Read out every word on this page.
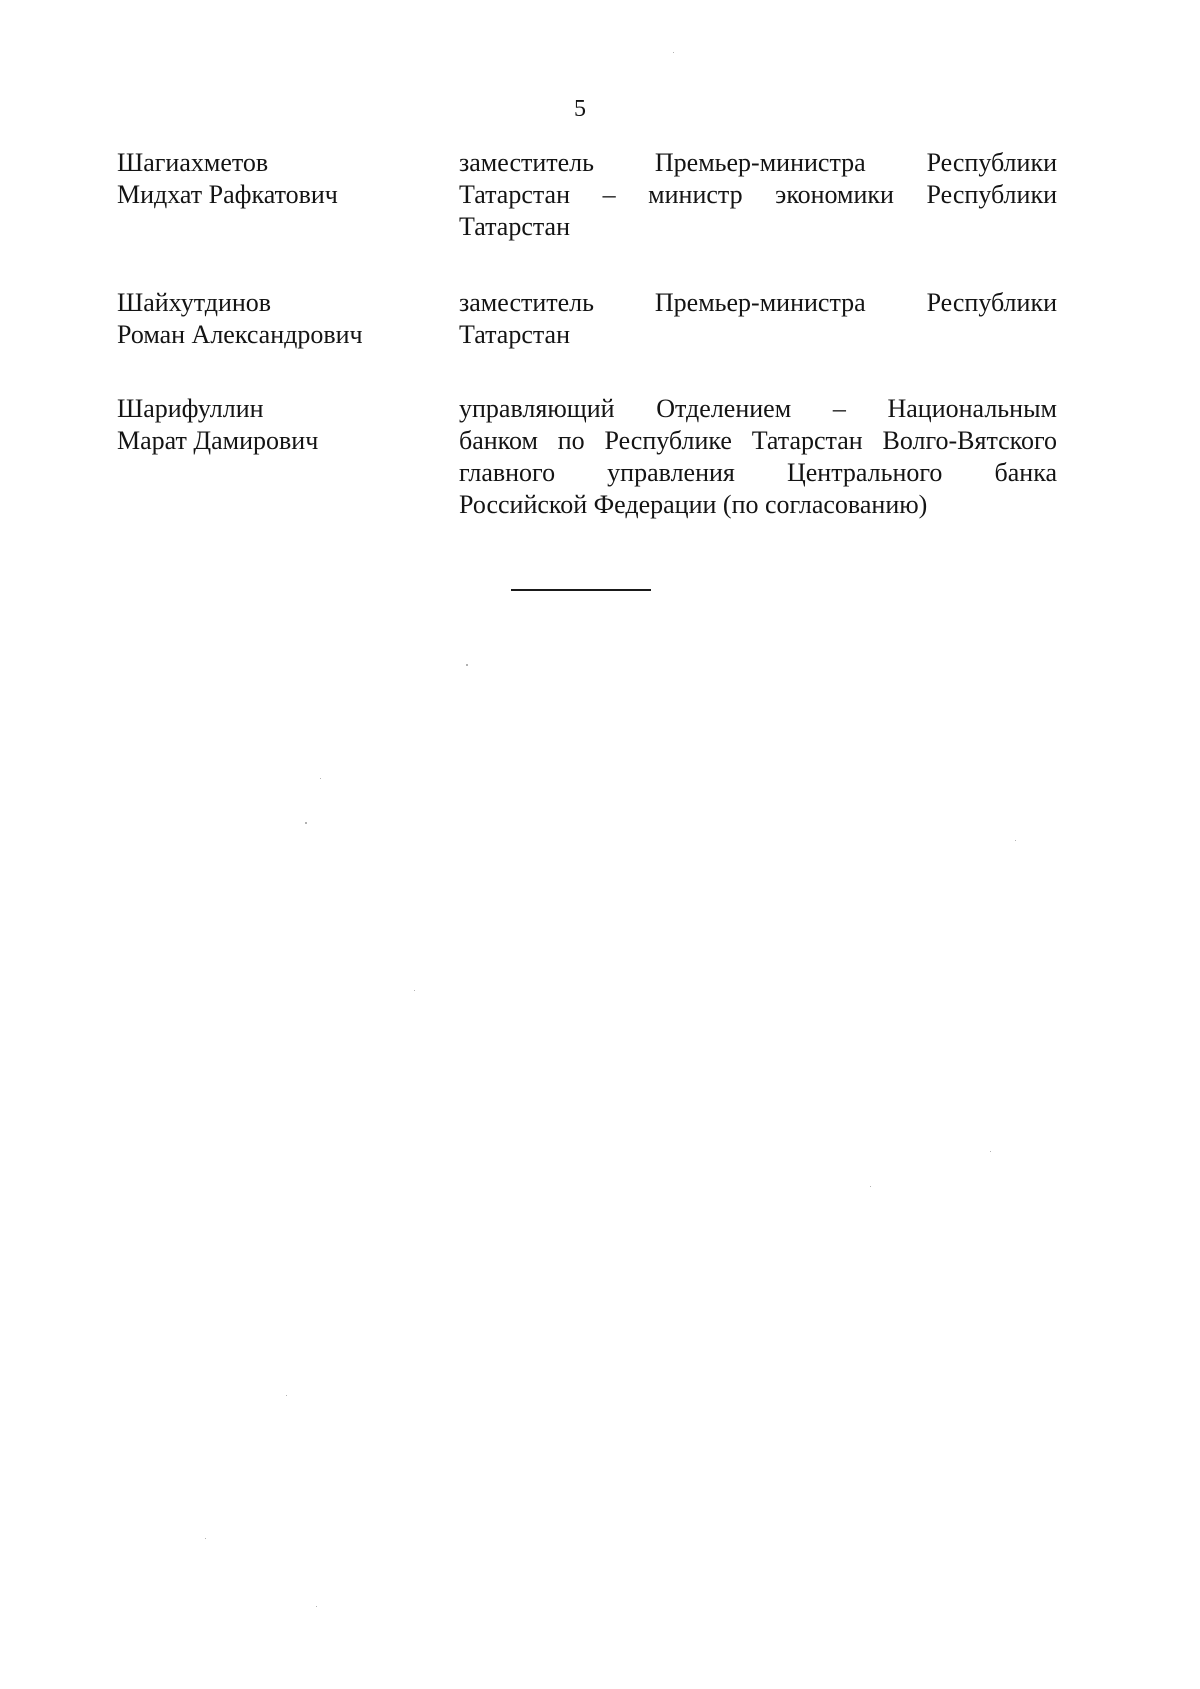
5
Шагиахметов
Мидхат Рафкатович
заместитель Премьер-министра Республики
Татарстан – министр экономики Республики
Татарстан
Шайхутдинов
Роман Александрович
заместитель Премьер-министра Республики
Татарстан
Шарифуллин
Марат Дамирович
управляющий Отделением – Национальным
банком по Республике Татарстан Волго-Вятского
главного управления Центрального банка
Российской Федерации (по согласованию)
